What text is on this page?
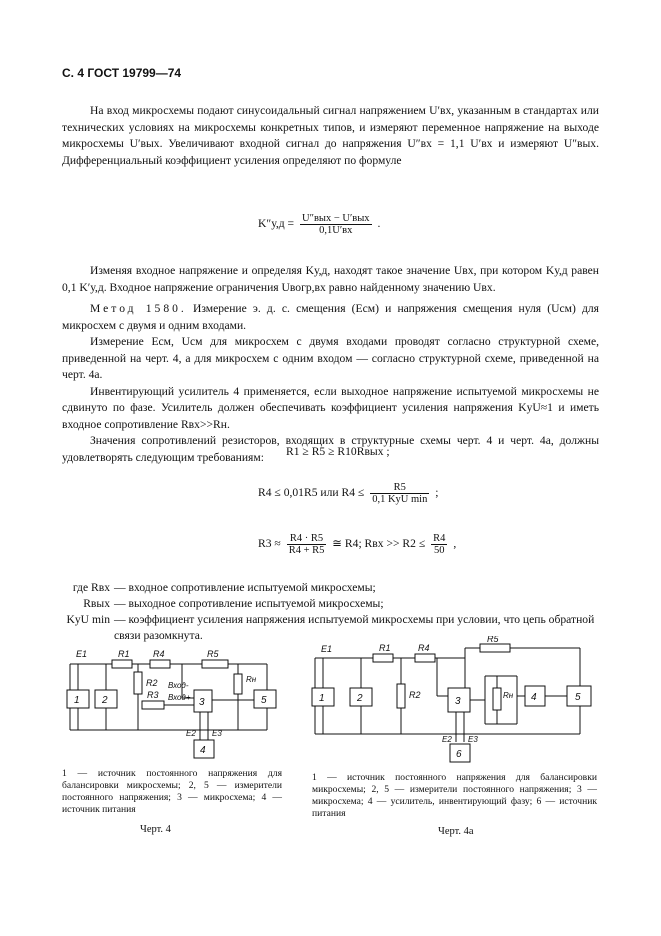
С. 4 ГОСТ 19799—74

На вход микросхемы подают синусоидальный сигнал напряжением U′вх, указанным в стандартах или технических условиях на микросхемы конкретных типов, и измеряют переменное напряжение на выходе микросхемы U′вых. Увеличивают входной сигнал до напряжения U″вх = 1,1 U′вх и измеряют U″вых. Дифференциальный коэффициент усиления определяют по формуле

$K''у,д = \frac{\text{U″вых − U′вых}}{0,1U'вх}$ .

Изменяя входное напряжение и определяя Kу,д, находят такое значение Uвх, при котором Kу,д равен 0,1 K′у,д. Входное напряжение ограничения Uвогр,вх равно найденному значению Uвх.

Метод 1580. Измерение э. д. с. смещения (Eсм) и напряжения смещения нуля (Uсм) для микросхем с двумя и одним входами.

Измерение Eсм, Uсм для микросхем с двумя входами проводят согласно структурной схеме, приведенной на черт. 4, а для микросхем с одним входом — согласно структурной схеме, приведенной на черт. 4а.

Инвентирующий усилитель 4 применяется, если выходное напряжение испытуемой микросхемы не сдвинуто по фазе. Усилитель должен обеспечивать коэффициент усиления напряжения KуU≈1 и иметь входное сопротивление Rвх>>Rн.

Значения сопротивлений резисторов, входящих в структурные схемы черт. 4 и черт. 4а, должны удовлетворять следующим требованиям:	R1 ≥ R5 ≥ R10Rвых ;
R4 ≤ 0,01R5 или $R4 \le \frac{R5}{\text{0,1 KуU min}}$ ;
$R3 \approx \frac{R4 \cdot R5}{R4 + R5}$ ≅ R4; Rвх >> $R2 \le \frac{R4}{50}$ ,
где Rвх — входное сопротивление испытуемой микросхемы;
Rвых — выходное сопротивление испытуемой микросхемы;
KуU min — коэффициент усиления напряжения испытуемой микросхемы при условии, что цепь обратной связи разомкнута.
E1	R1	R4	R5
1 2
R2
R3
3
Вход-
Вход+
Rн
5
E2 E3
4
1 — источник постоянного напряжения для балансировки микросхемы; 2, 5 — измерители постоянного напряжения; 3 — микросхема; 4 — источник питания
Черт. 4
E1	R1	R4
R5
1	2	R2
3
Rн 4	5
E2 E3
6
1 — источник постоянного напряжения для балансировки микросхемы; 2, 5 — измерители постоянного напряжения; 3 — микросхема; 4 — усилитель, инвентирующий фазу; 6 — источник питания
Черт. 4а
